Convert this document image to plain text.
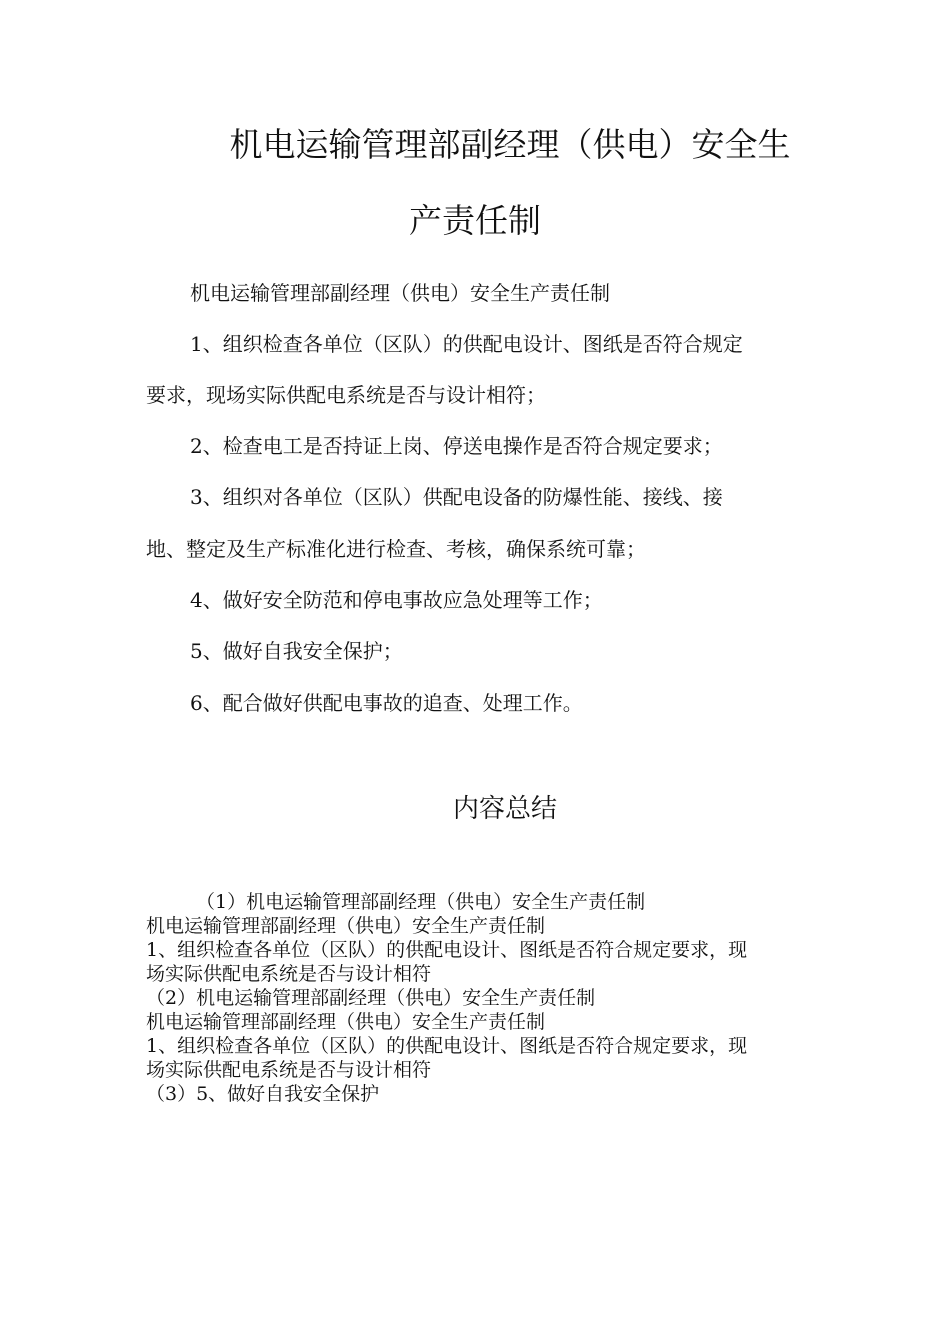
机电运输管理部副经理（供电）安全生
产责任制
机电运输管理部副经理（供电）安全生产责任制
1、组织检查各单位（区队）的供配电设计、图纸是否符合规定
要求，现场实际供配电系统是否与设计相符；
2、检查电工是否持证上岗、停送电操作是否符合规定要求；
3、组织对各单位（区队）供配电设备的防爆性能、接线、接
地、整定及生产标准化进行检查、考核，确保系统可靠；
4、做好安全防范和停电事故应急处理等工作；
5、做好自我安全保护；
6、配合做好供配电事故的追查、处理工作。
内容总结
（1）机电运输管理部副经理（供电）安全生产责任制
机电运输管理部副经理（供电）安全生产责任制
1、组织检查各单位（区队）的供配电设计、图纸是否符合规定要求，现
场实际供配电系统是否与设计相符
（2）机电运输管理部副经理（供电）安全生产责任制
机电运输管理部副经理（供电）安全生产责任制
1、组织检查各单位（区队）的供配电设计、图纸是否符合规定要求，现
场实际供配电系统是否与设计相符
（3）5、做好自我安全保护
